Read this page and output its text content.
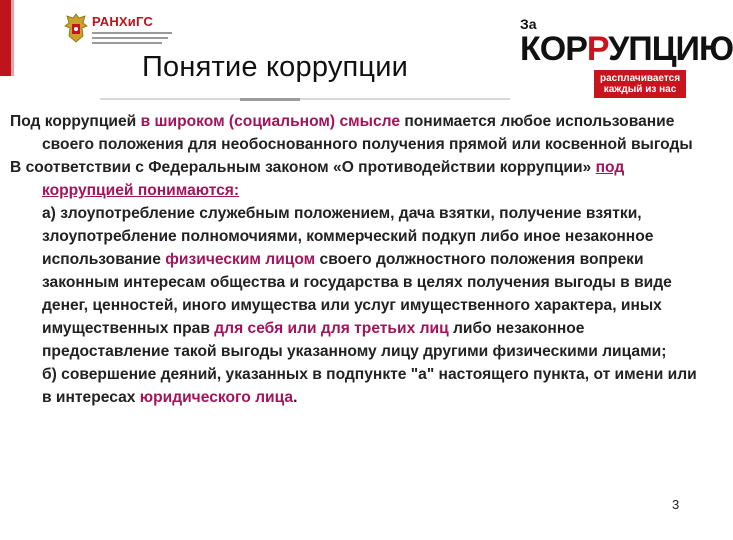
РАНХиГС
Понятие коррупции
За
КОРРУПЦИЮ
расплачивается
каждый из нас

Под коррупцией в широком (социальном) смысле понимается любое использование своего положения для необоснованного получения прямой или косвенной выгоды

В соответствии с Федеральным законом «О противодействии коррупции» под коррупцией понимаются:

а) злоупотребление служебным положением, дача взятки, получение взятки, злоупотребление полномочиями, коммерческий подкуп либо иное незаконное использование физическим лицом своего должностного положения вопреки законным интересам общества и государства в целях получения выгоды в виде денег, ценностей, иного имущества или услуг имущественного характера, иных имущественных прав для себя или для третьих лиц либо незаконное предоставление такой выгоды указанному лицу другими физическими лицами;

б) совершение деяний, указанных в подпункте "а" настоящего пункта, от имени или в интересах юридического лица.

3
